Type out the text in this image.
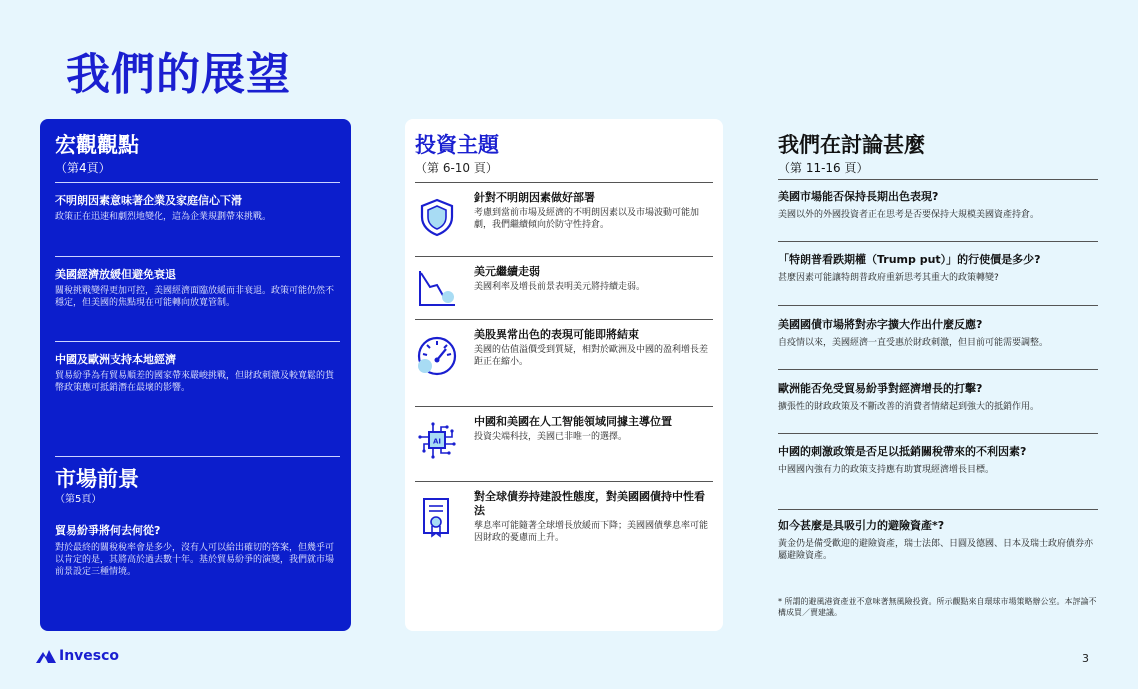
我們的展望
宏觀觀點
（第4頁）
不明朗因素意味著企業及家庭信心下滑
政策正在迅速和劇烈地變化，這為企業規劃帶來挑戰。
美國經濟放緩但避免衰退
關稅挑戰變得更加可控，美國經濟面臨放緩而非衰退。政策可能仍然不穩定，但美國的焦點現在可能轉向放寬管制。
中國及歐洲支持本地經濟
貿易紛爭為有貿易順差的國家帶來嚴峻挑戰，但財政刺激及較寬鬆的貨幣政策應可抵銷潛在最壞的影響。
市場前景
（第5頁）
貿易紛爭將何去何從?
對於最終的關稅稅率會是多少，沒有人可以給出確切的答案，但幾乎可以肯定的是，其將高於過去數十年。基於貿易紛爭的演變，我們就市場前景設定三種情境。
投資主題
（第 6-10 頁）
針對不明朗因素做好部署
考慮到當前市場及經濟的不明朗因素以及市場波動可能加劇，我們繼續傾向於防守性持倉。
美元繼續走弱
美國利率及增長前景表明美元將持續走弱。
美股異常出色的表現可能即將結束
美國的估值溢價受到質疑，相對於歐洲及中國的盈利增長差距正在縮小。
AI
中國和美國在人工智能領域同據主導位置
投資尖端科技，美國已非唯一的選擇。
對全球債券持建設性態度，對美國國債持中性看法
孳息率可能隨著全球增長放緩而下降；美國國債孳息率可能因財政的憂慮而上升。
我們在討論甚麼
（第 11-16 頁）
美國市場能否保持長期出色表現?
美國以外的外國投資者正在思考是否要保持大規模美國資產持倉。
「特朗普看跌期權（Trump put）」的行使價是多少?
甚麼因素可能讓特朗普政府重新思考其重大的政策轉變?
美國國債市場將對赤字擴大作出什麼反應?
自疫情以來，美國經濟一直受惠於財政刺激，但目前可能需要調整。
歐洲能否免受貿易紛爭對經濟增長的打擊?
擴張性的財政政策及不斷改善的消費者情緒起到強大的抵銷作用。
中國的刺激政策是否足以抵銷關稅帶來的不利因素?
中國國內強有力的政策支持應有助實現經濟增長目標。
如今甚麼是具吸引力的避險資產*?
黃金仍是備受歡迎的避險資產，瑞士法郎、日圓及德國、日本及瑞士政府債券亦屬避險資產。
* 所謂的避風港資產並不意味著無風險投資。所示觀點來自環球市場策略辦公室。本評論不構成買／賣建議。
Invesco	3
